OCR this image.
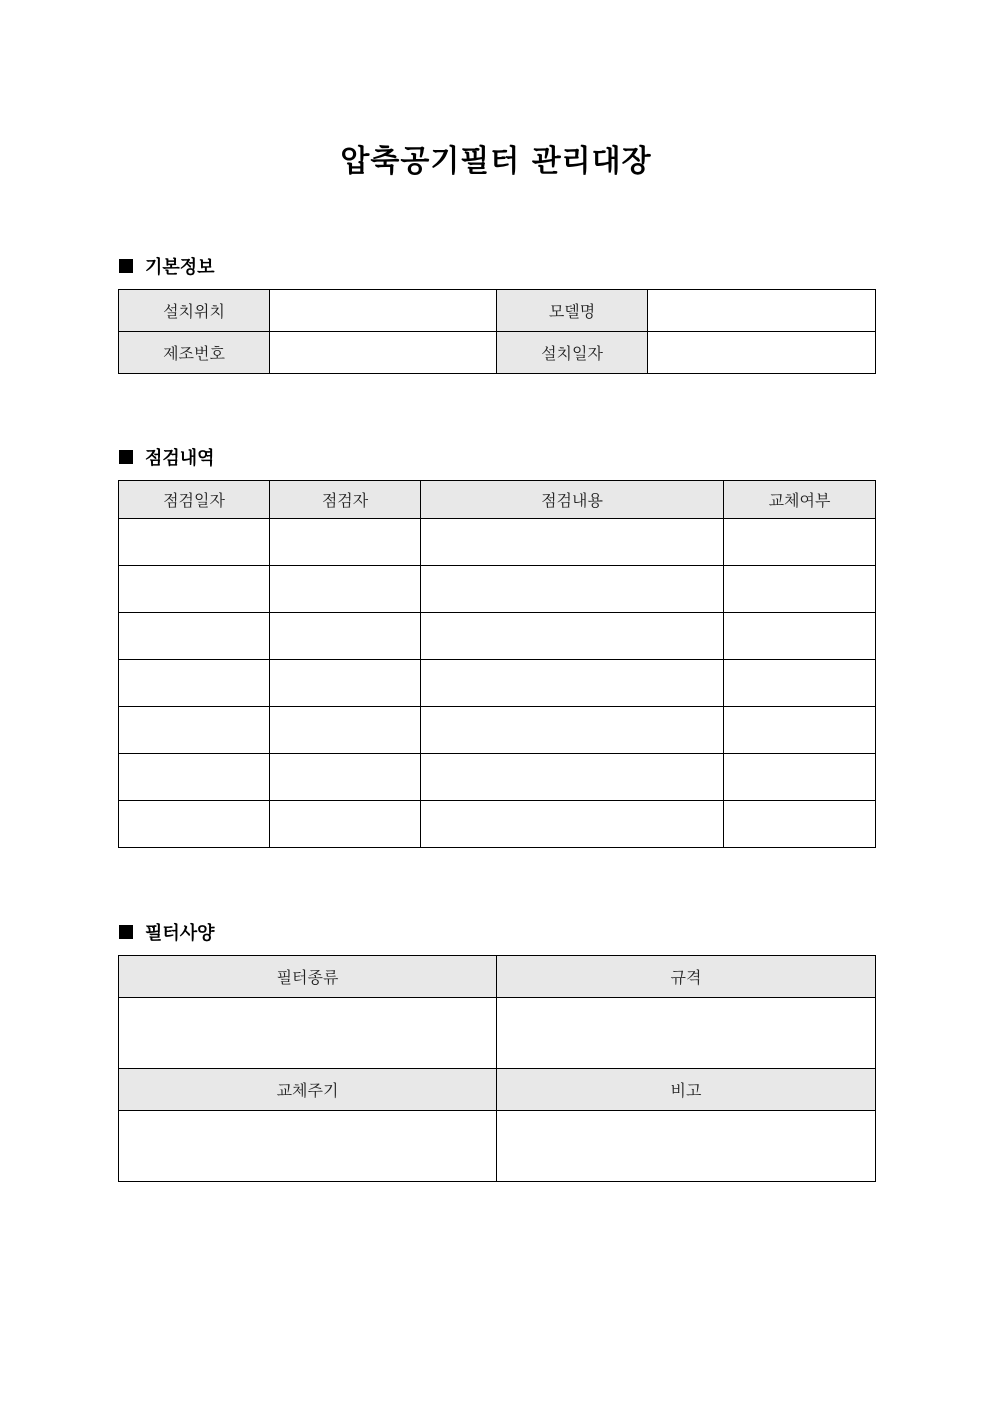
압축공기필터 관리대장
기본정보
설치위치		모델명	
제조번호		설치일자	
점검내역
점검일자	점검자	점검내용	교체여부

필터사양
필터종류	규격

교체주기	비고
